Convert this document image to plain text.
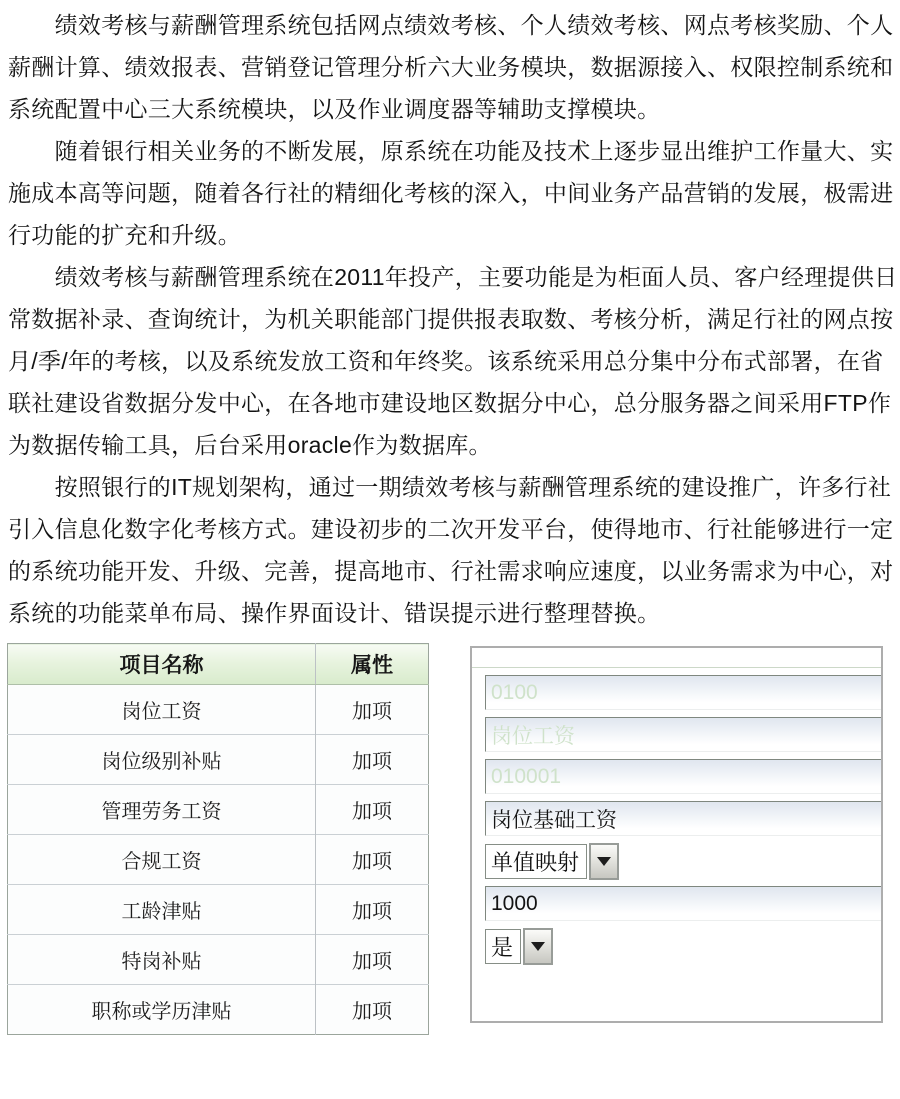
　　绩效考核与薪酬管理系统包括网点绩效考核、个人绩效考核、网点考核奖励、个人
薪酬计算、绩效报表、营销登记管理分析六大业务模块，数据源接入、权限控制系统和
系统配置中心三大系统模块，以及作业调度器等辅助支撑模块。
　　随着银行相关业务的不断发展，原系统在功能及技术上逐步显出维护工作量大、实
施成本高等问题，随着各行社的精细化考核的深入，中间业务产品营销的发展，极需进
行功能的扩充和升级。
　　绩效考核与薪酬管理系统在2011年投产，主要功能是为柜面人员、客户经理提供日
常数据补录、查询统计，为机关职能部门提供报表取数、考核分析，满足行社的网点按
月/季/年的考核，以及系统发放工资和年终奖。该系统采用总分集中分布式部署，在省
联社建设省数据分发中心，在各地市建设地区数据分中心，总分服务器之间采用FTP作
为数据传输工具，后台采用oracle作为数据库。
　　按照银行的IT规划架构，通过一期绩效考核与薪酬管理系统的建设推广，许多行社
引入信息化数字化考核方式。建设初步的二次开发平台，使得地市、行社能够进行一定
的系统功能开发、升级、完善，提高地市、行社需求响应速度，以业务需求为中心，对
系统的功能菜单布局、操作界面设计、错误提示进行整理替换。
项目名称	属性
岗位工资	加项
岗位级别补贴	加项
管理劳务工资	加项
合规工资	加项
工龄津贴	加项
特岗补贴	加项
职称或学历津贴	加项
0100
岗位工资
010001
岗位基础工资
单值映射
1000
是
